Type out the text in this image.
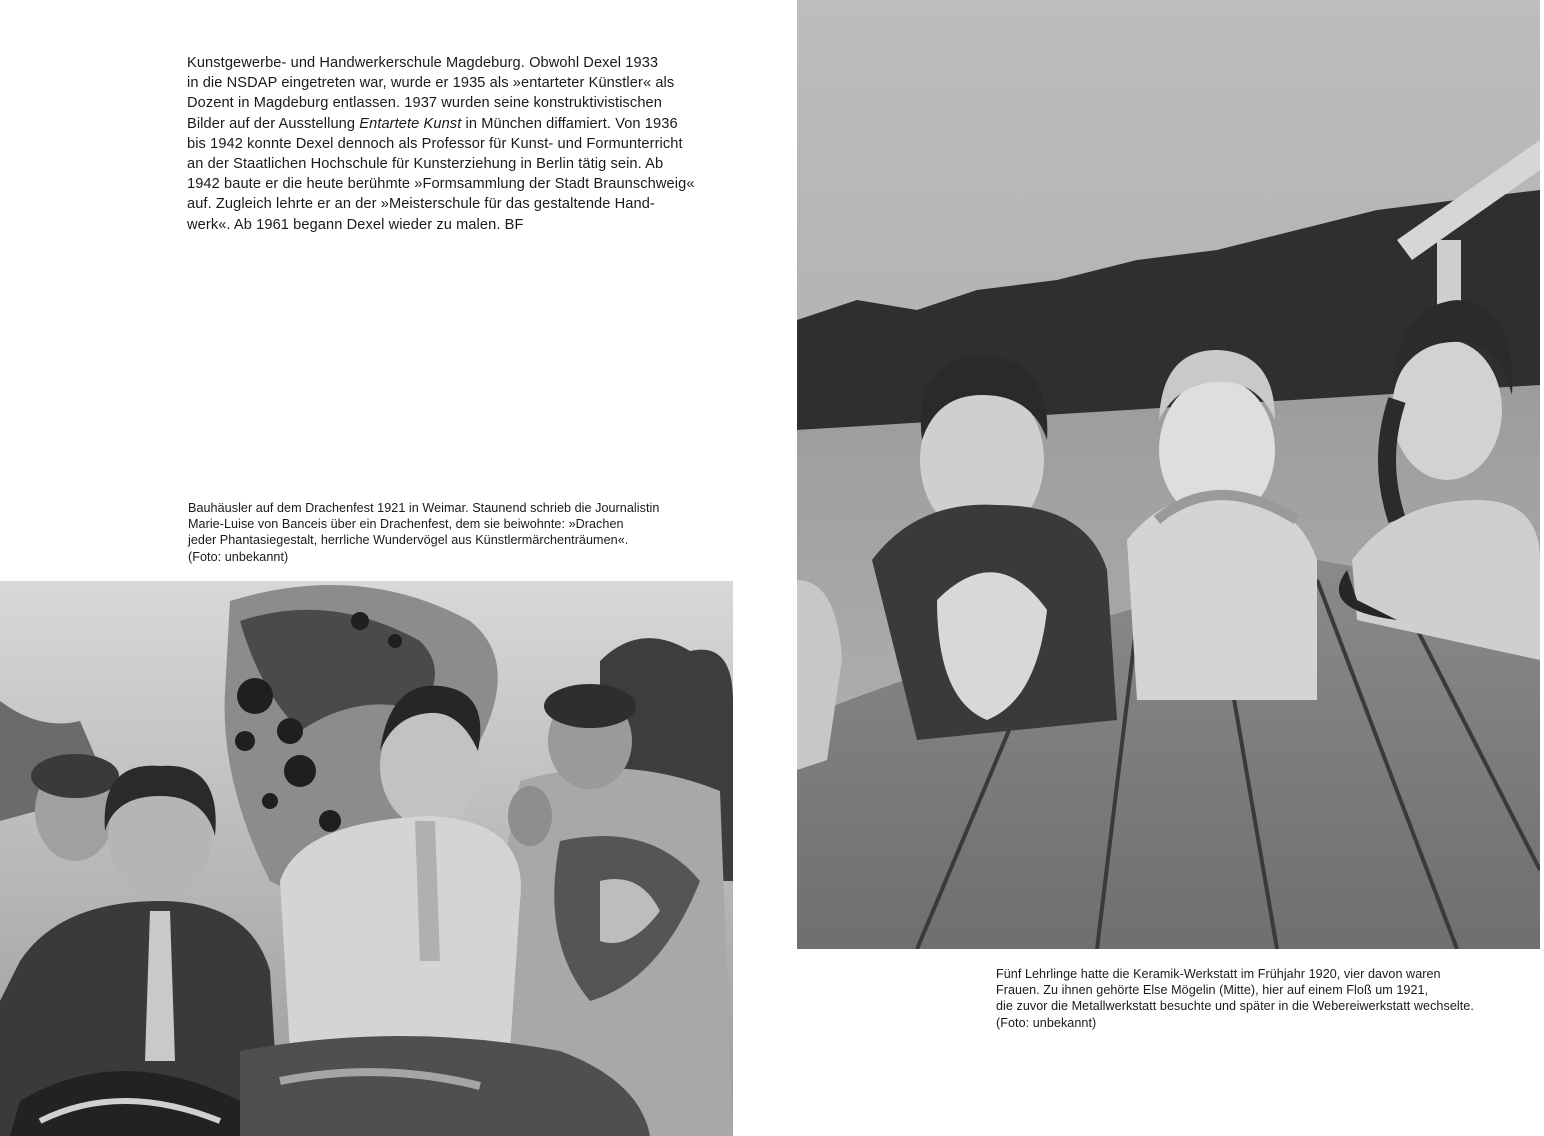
Kunstgewerbe- und Handwerkerschule Magdeburg. Obwohl Dexel 1933
in die NSDAP eingetreten war, wurde er 1935 als »entarteter Künstler« als
Dozent in Magdeburg entlassen. 1937 wurden seine konstruktivistischen
Bilder auf der Ausstellung Entartete Kunst in München diffamiert. Von 1936
bis 1942 konnte Dexel dennoch als Professor für Kunst- und Formunterricht
an der Staatlichen Hochschule für Kunsterziehung in Berlin tätig sein. Ab
1942 baute er die heute berühmte »Formsammlung der Stadt Braunschweig«
auf. Zugleich lehrte er an der »Meisterschule für das gestaltende Hand-
werk«. Ab 1961 begann Dexel wieder zu malen. BF
Bauhäusler auf dem Drachenfest 1921 in Weimar. Staunend schrieb die Journalistin
Marie-Luise von Banceis über ein Drachenfest, dem sie beiwohnte: »Drachen
jeder Phantasiegestalt, herrliche Wundervögel aus Künstlermärchenträumen«.
(Foto: unbekannt)
Fünf Lehrlinge hatte die Keramik-Werkstatt im Frühjahr 1920, vier davon waren
Frauen. Zu ihnen gehörte Else Mögelin (Mitte), hier auf einem Floß um 1921,
die zuvor die Metallwerkstatt besuchte und später in die Webereiwerkstatt wechselte.
(Foto: unbekannt)
